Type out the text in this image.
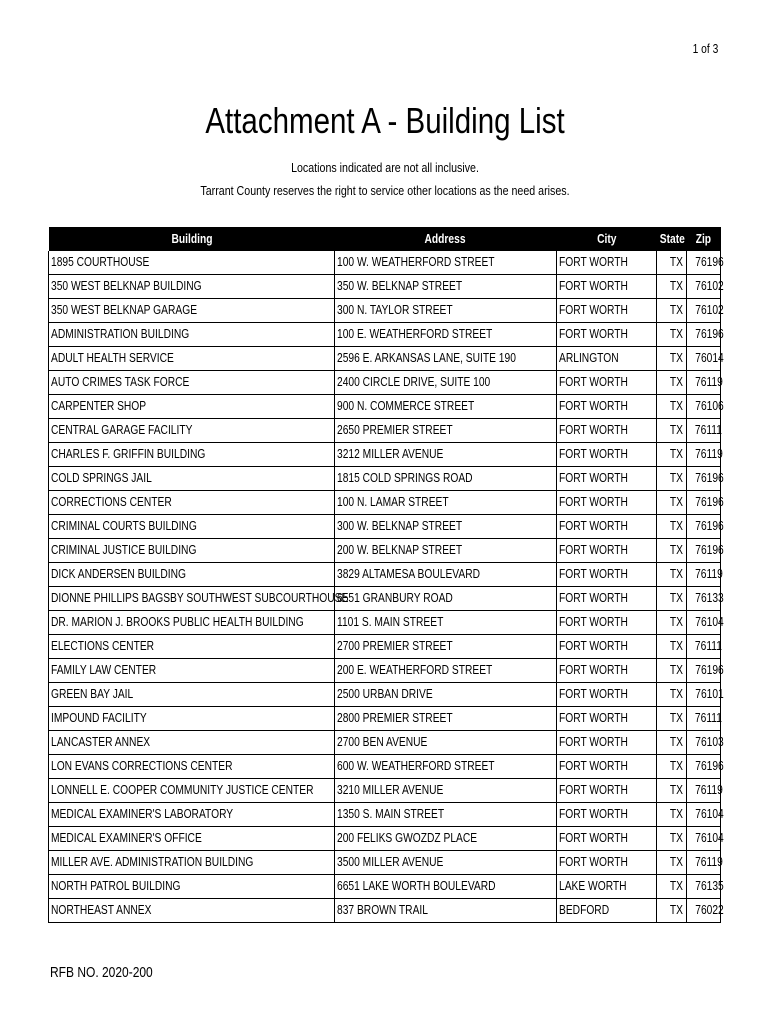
1 of 3
Attachment A - Building List
Locations indicated are not all inclusive.
Tarrant County reserves the right to service other locations as the need arises.
Building	Address	City	State	Zip
1895 COURTHOUSE	100 W. WEATHERFORD STREET	FORT WORTH	TX	76196
350 WEST BELKNAP BUILDING	350 W. BELKNAP STREET	FORT WORTH	TX	76102
350 WEST BELKNAP GARAGE	300 N. TAYLOR STREET	FORT WORTH	TX	76102
ADMINISTRATION BUILDING	100 E. WEATHERFORD STREET	FORT WORTH	TX	76196
ADULT HEALTH SERVICE	2596 E. ARKANSAS LANE, SUITE 190	ARLINGTON	TX	76014
AUTO CRIMES TASK FORCE	2400 CIRCLE DRIVE, SUITE 100	FORT WORTH	TX	76119
CARPENTER SHOP	900 N. COMMERCE STREET	FORT WORTH	TX	76106
CENTRAL GARAGE FACILITY	2650 PREMIER STREET	FORT WORTH	TX	76111
CHARLES F. GRIFFIN BUILDING	3212 MILLER AVENUE	FORT WORTH	TX	76119
COLD SPRINGS JAIL	1815 COLD SPRINGS ROAD	FORT WORTH	TX	76196
CORRECTIONS CENTER	100 N. LAMAR STREET	FORT WORTH	TX	76196
CRIMINAL COURTS BUILDING	300 W. BELKNAP STREET	FORT WORTH	TX	76196
CRIMINAL JUSTICE BUILDING	200 W. BELKNAP STREET	FORT WORTH	TX	76196
DICK ANDERSEN BUILDING	3829 ALTAMESA BOULEVARD	FORT WORTH	TX	76119
DIONNE PHILLIPS BAGSBY SOUTHWEST SUBCOURTHOUSE	6551 GRANBURY ROAD	FORT WORTH	TX	76133
DR. MARION J. BROOKS PUBLIC HEALTH BUILDING	1101 S. MAIN STREET	FORT WORTH	TX	76104
ELECTIONS CENTER	2700 PREMIER STREET	FORT WORTH	TX	76111
FAMILY LAW CENTER	200 E. WEATHERFORD STREET	FORT WORTH	TX	76196
GREEN BAY JAIL	2500 URBAN DRIVE	FORT WORTH	TX	76101
IMPOUND FACILITY	2800 PREMIER STREET	FORT WORTH	TX	76111
LANCASTER ANNEX	2700 BEN AVENUE	FORT WORTH	TX	76103
LON EVANS CORRECTIONS CENTER	600 W. WEATHERFORD STREET	FORT WORTH	TX	76196
LONNELL E. COOPER COMMUNITY JUSTICE CENTER	3210 MILLER AVENUE	FORT WORTH	TX	76119
MEDICAL EXAMINER'S LABORATORY	1350 S. MAIN STREET	FORT WORTH	TX	76104
MEDICAL EXAMINER'S OFFICE	200 FELIKS GWOZDZ PLACE	FORT WORTH	TX	76104
MILLER AVE. ADMINISTRATION BUILDING	3500 MILLER AVENUE	FORT WORTH	TX	76119
NORTH PATROL BUILDING	6651 LAKE WORTH BOULEVARD	LAKE WORTH	TX	76135
NORTHEAST ANNEX	837 BROWN TRAIL	BEDFORD	TX	76022
RFB NO. 2020-200
